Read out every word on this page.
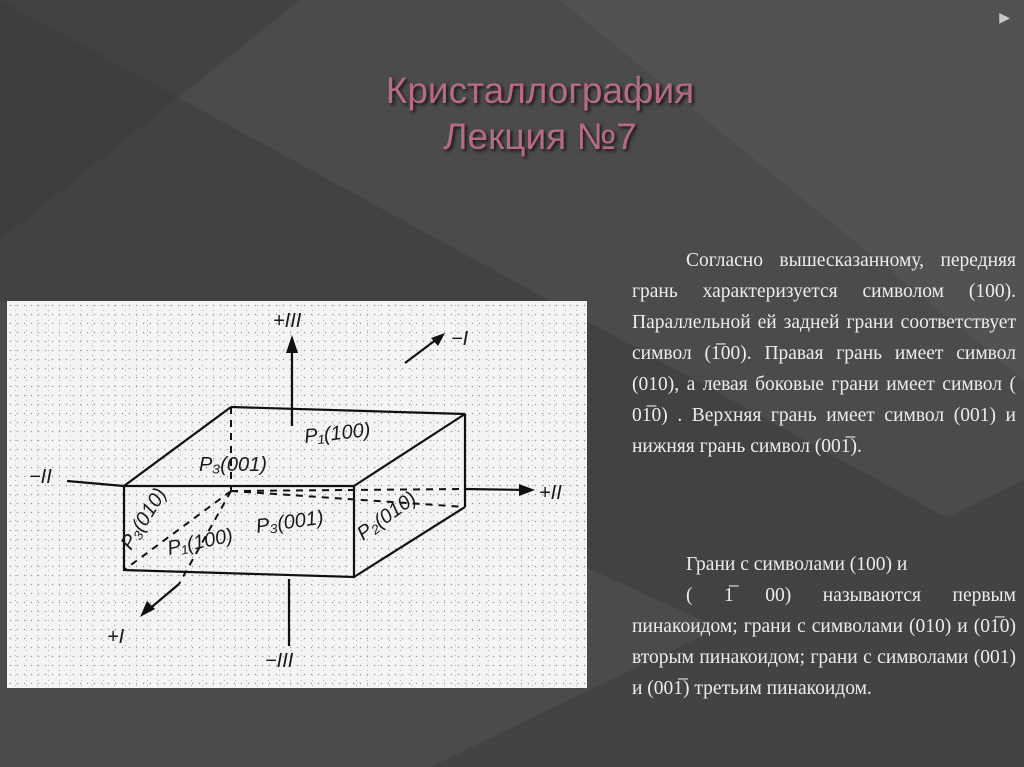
▶
Кристаллография
Лекция №7
+III
−III
−II
+II
−I
+I
P₃(001)
P₁(100)
P₃(010)
P₁(100)
P₃(001) P₂(010)

Согласно вышесказанному, передняя грань характеризуется символом (100). Параллельной ей задней грани соответствует символ (1̅00). Правая грань имеет символ (010), а левая боковые грани имеет символ ( 01̅0) . Верхняя грань имеет символ (001) и нижняя грань символ (001̅).

Грани с символами (100) и

( 1̅ 00) называются первым пинакоидом; грани с символами (010) и (01̅0) вторым пинакоидом; грани с символами (001) и (001̅) третьим пинакоидом.
